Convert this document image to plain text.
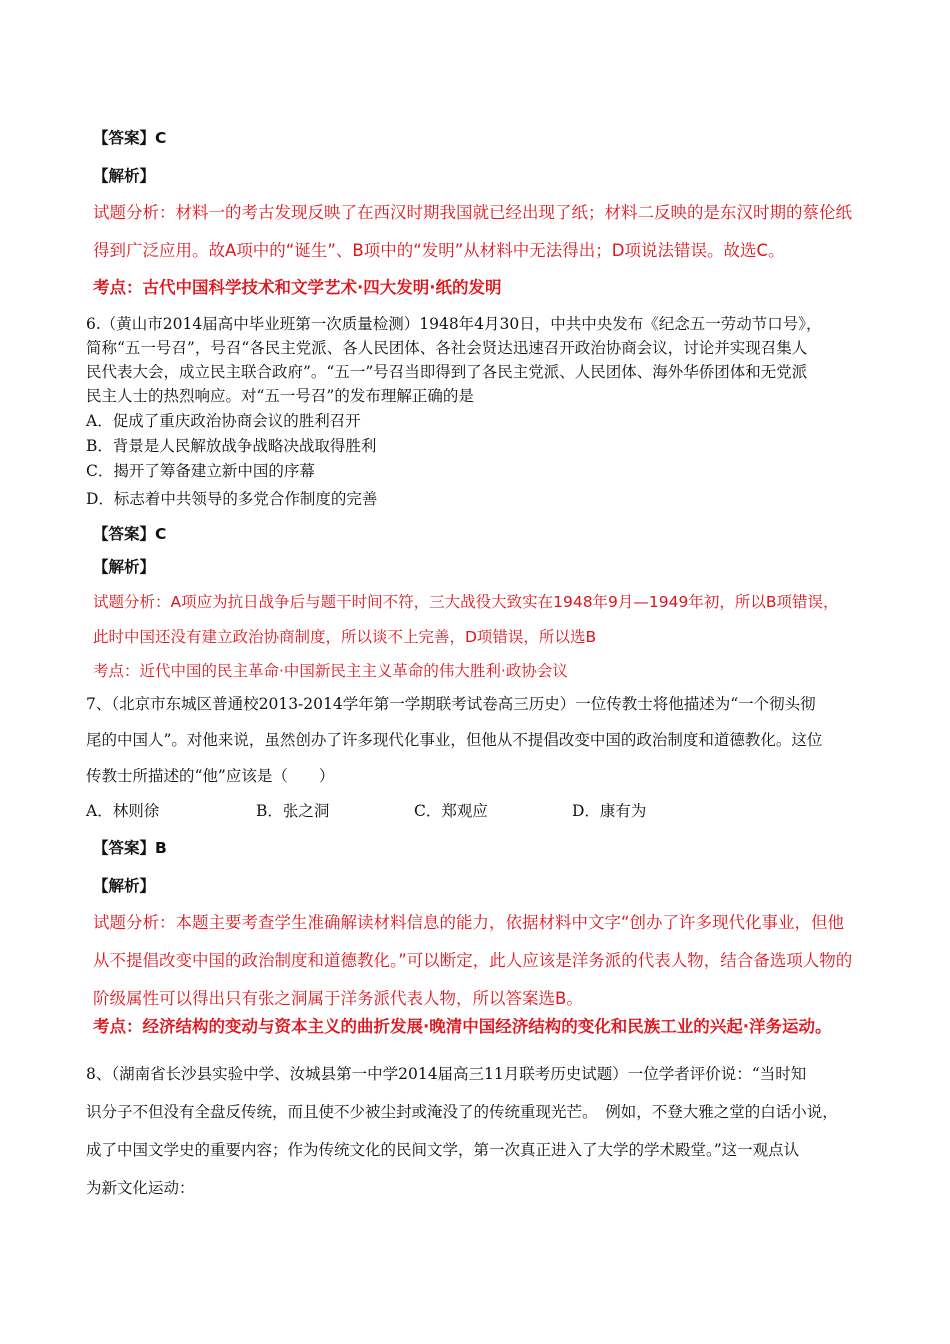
【答案】C
【解析】
试题分析：材料一的考古发现反映了在西汉时期我国就已经出现了纸；材料二反映的是东汉时期的蔡伦纸
得到广泛应用。故A项中的“诞生”、B项中的“发明”从材料中无法得出；D项说法错误。故选C。
考点：古代中国科学技术和文学艺术·四大发明·纸的发明
6.（黄山市2014届高中毕业班第一次质量检测）1948年4月30日，中共中央发布《纪念五一劳动节口号》，
简称“五一号召”，号召“各民主党派、各人民团体、各社会贤达迅速召开政治协商会议，讨论并实现召集人
民代表大会，成立民主联合政府”。“五一”号召当即得到了各民主党派、人民团体、海外华侨团体和无党派
民主人士的热烈响应。对“五一号召”的发布理解正确的是
A．促成了重庆政治协商会议的胜利召开
B．背景是人民解放战争战略决战取得胜利
C．揭开了筹备建立新中国的序幕
D．标志着中共领导的多党合作制度的完善
【答案】C
【解析】
试题分析：A项应为抗日战争后与题干时间不符，三大战役大致实在1948年9月—1949年初，所以B项错误，
此时中国还没有建立政治协商制度，所以谈不上完善，D项错误，所以选B
考点：近代中国的民主革命·中国新民主主义革命的伟大胜利·政协会议
7、（北京市东城区普通校2013-2014学年第一学期联考试卷高三历史）一位传教士将他描述为“一个彻头彻
尾的中国人”。对他来说，虽然创办了许多现代化事业，但他从不提倡改变中国的政治制度和道德教化。这位
传教士所描述的“他”应该是（　　）
A．林则徐	B．张之洞	C．郑观应	D．康有为
【答案】B
【解析】
试题分析：本题主要考查学生准确解读材料信息的能力，依据材料中文字“创办了许多现代化事业，但他
从不提倡改变中国的政治制度和道德教化。”可以断定，此人应该是洋务派的代表人物，结合备选项人物的
阶级属性可以得出只有张之洞属于洋务派代表人物，所以答案选B。
考点：经济结构的变动与资本主义的曲折发展·晚清中国经济结构的变化和民族工业的兴起·洋务运动。
8、（湖南省长沙县实验中学、汝城县第一中学2014届高三11月联考历史试题）一位学者评价说：“当时知
识分子不但没有全盘反传统，而且使不少被尘封或淹没了的传统重现光芒。　例如，不登大雅之堂的白话小说，
成了中国文学史的重要内容；作为传统文化的民间文学，第一次真正进入了大学的学术殿堂。”这一观点认
为新文化运动：
